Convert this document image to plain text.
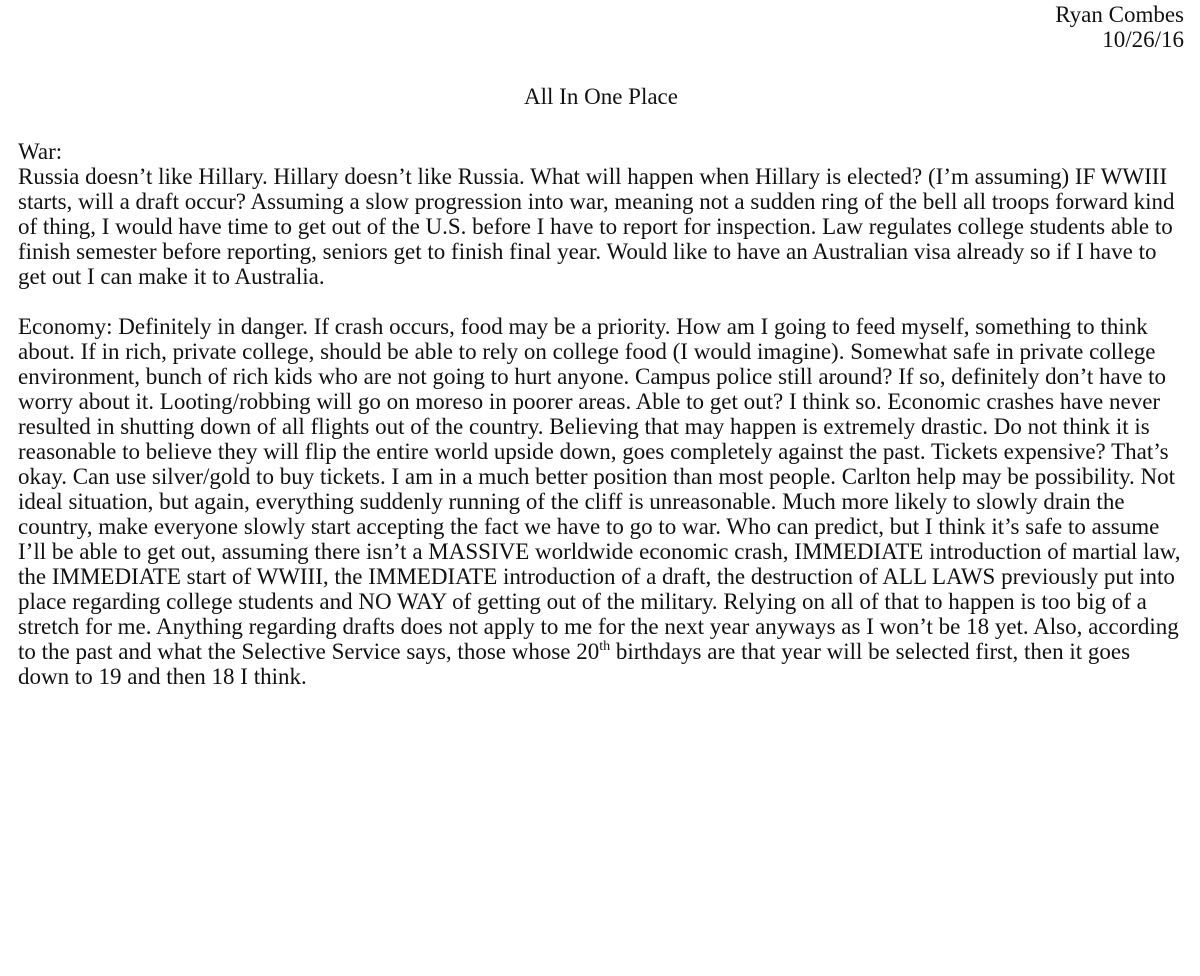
Ryan Combes
10/26/16
All In One Place
War:

Russia doesn’t like Hillary. Hillary doesn’t like Russia. What will happen when Hillary is elected? (I’m assuming) IF WWIII starts, will a draft occur? Assuming a slow progression into war, meaning not a sudden ring of the bell all troops forward kind of thing, I would have time to get out of the U.S. before I have to report for inspection. Law regulates college students able to finish semester before reporting, seniors get to finish final year. Would like to have an Australian visa already so if I have to get out I can make it to Australia.

Economy: Definitely in danger. If crash occurs, food may be a priority. How am I going to feed myself, something to think about. If in rich, private college, should be able to rely on college food (I would imagine). Somewhat safe in private college environment, bunch of rich kids who are not going to hurt anyone. Campus police still around? If so, definitely don’t have to worry about it. Looting/robbing will go on moreso in poorer areas. Able to get out? I think so. Economic crashes have never resulted in shutting down of all flights out of the country. Believing that may happen is extremely drastic. Do not think it is reasonable to believe they will flip the entire world upside down, goes completely against the past. Tickets expensive? That’s okay. Can use silver/gold to buy tickets. I am in a much better position than most people. Carlton help may be possibility. Not ideal situation, but again, everything suddenly running of the cliff is unreasonable. Much more likely to slowly drain the country, make everyone slowly start accepting the fact we have to go to war. Who can predict, but I think it’s safe to assume I’ll be able to get out, assuming there isn’t a MASSIVE worldwide economic crash, IMMEDIATE introduction of martial law, the IMMEDIATE start of WWIII, the IMMEDIATE introduction of a draft, the destruction of ALL LAWS previously put into place regarding college students and NO WAY of getting out of the military. Relying on all of that to happen is too big of a stretch for me. Anything regarding drafts does not apply to me for the next year anyways as I won’t be 18 yet. Also, according to the past and what the Selective Service says, those whose 20th birthdays are that year will be selected first, then it goes down to 19 and then 18 I think.
